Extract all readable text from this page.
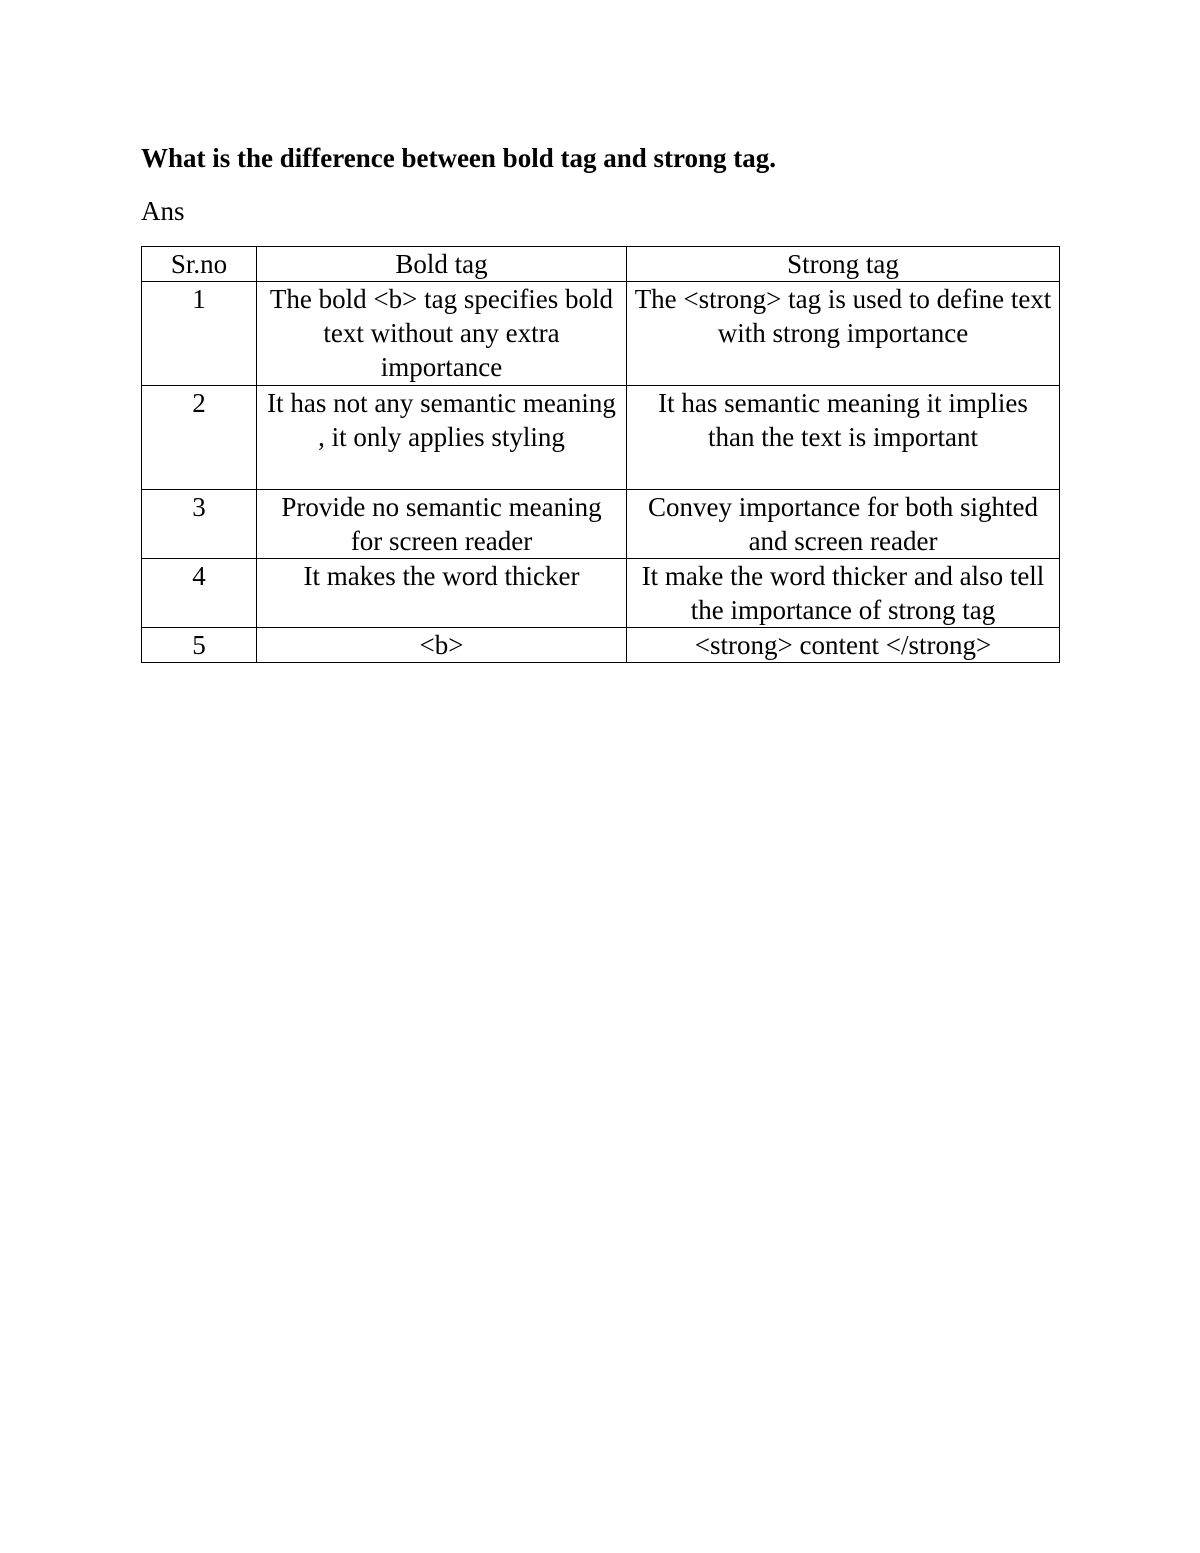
What is the difference between bold tag and strong tag.

Ans

Sr.no	Bold tag	Strong tag
1	The bold <b> tag specifies bold text without any extra importance	The <strong> tag is used to define text with strong importance
2	It has not any semantic meaning , it only applies styling	It has semantic meaning it implies than the text is important
3	Provide no semantic meaning for screen reader	Convey importance for both sighted and screen reader
4	It makes the word thicker	It make the word thicker and also tell the importance of strong tag
5	<b>	<strong> content </strong>
